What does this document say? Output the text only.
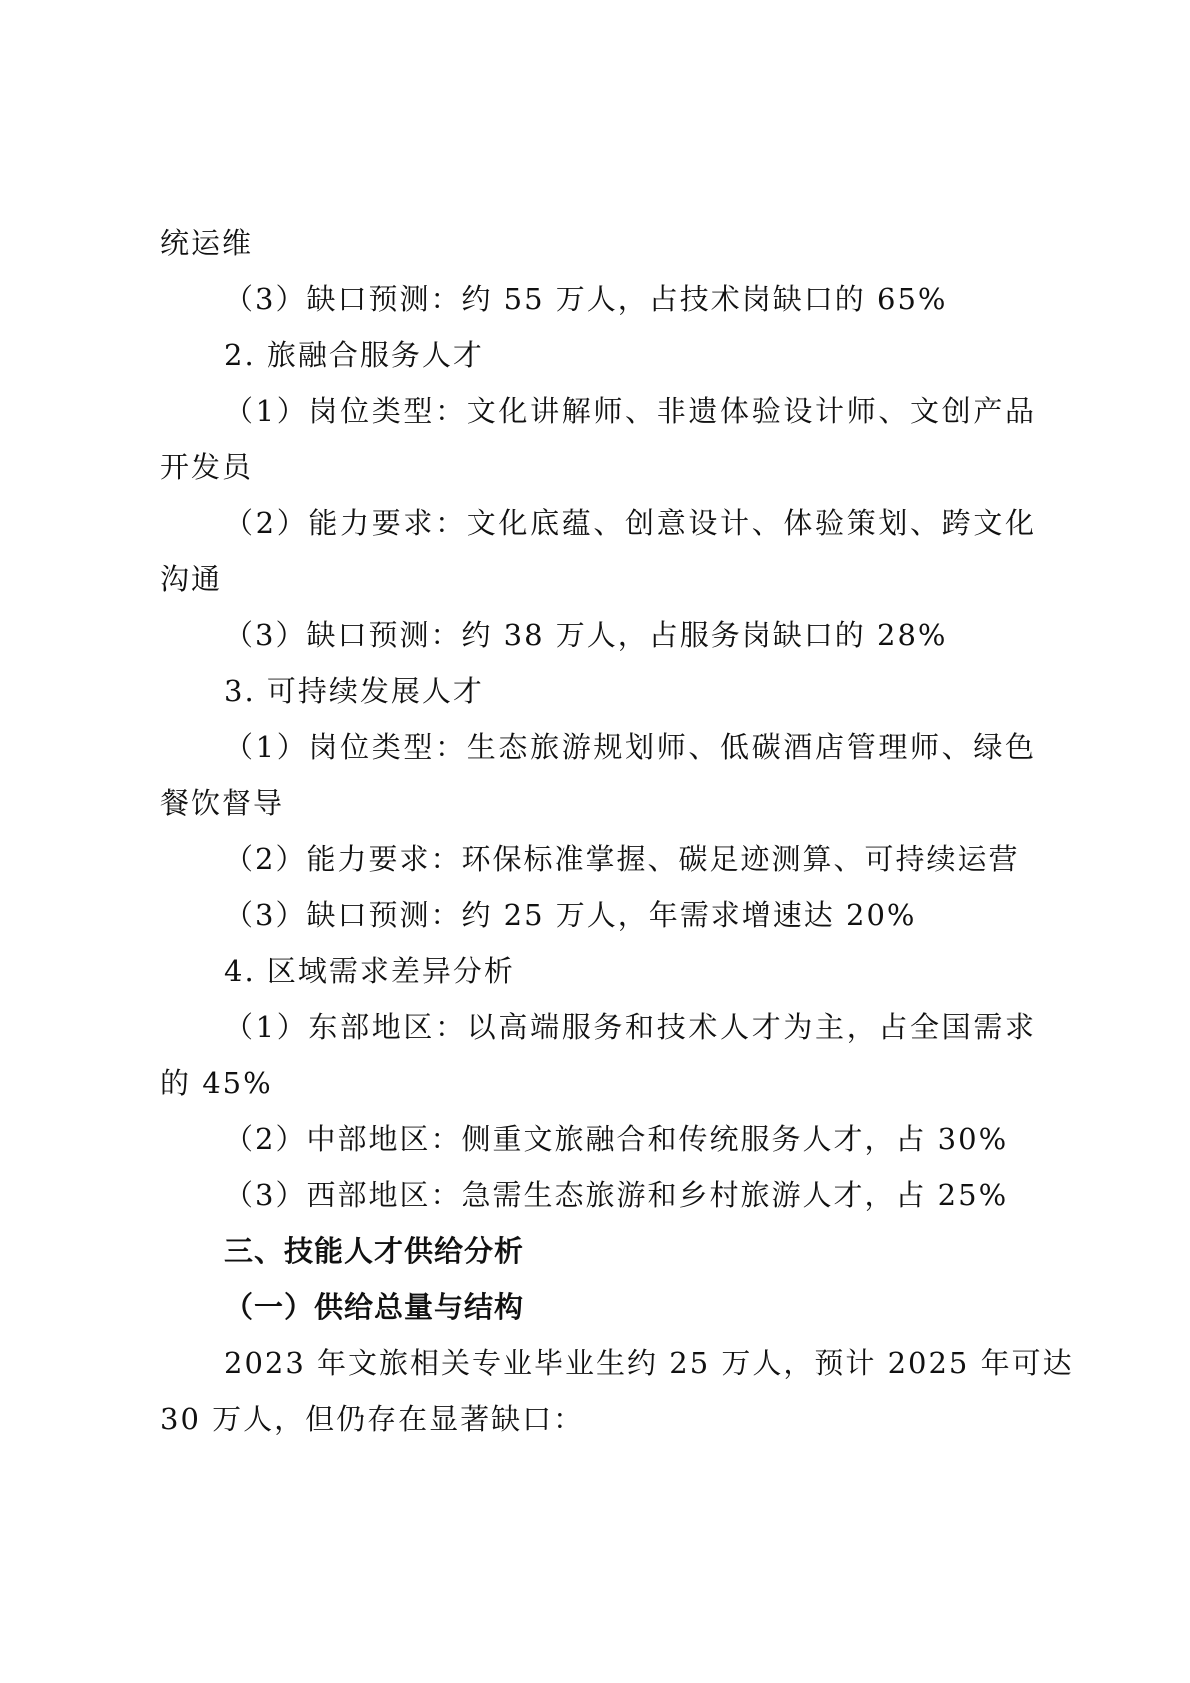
统运维
（3）缺口预测：约 55 万人，占技术岗缺口的 65%
2. 旅融合服务人才
（1）岗位类型：文化讲解师、非遗体验设计师、文创产品
开发员
（2）能力要求：文化底蕴、创意设计、体验策划、跨文化
沟通
（3）缺口预测：约 38 万人，占服务岗缺口的 28%
3. 可持续发展人才
（1）岗位类型：生态旅游规划师、低碳酒店管理师、绿色
餐饮督导
（2）能力要求：环保标准掌握、碳足迹测算、可持续运营
（3）缺口预测：约 25 万人，年需求增速达 20%
4. 区域需求差异分析
（1）东部地区：以高端服务和技术人才为主，占全国需求
的 45%
（2）中部地区：侧重文旅融合和传统服务人才，占 30%
（3）西部地区：急需生态旅游和乡村旅游人才，占 25%
三、技能人才供给分析
（一）供给总量与结构
2023 年文旅相关专业毕业生约 25 万人，预计 2025 年可达
30 万人，但仍存在显著缺口：
